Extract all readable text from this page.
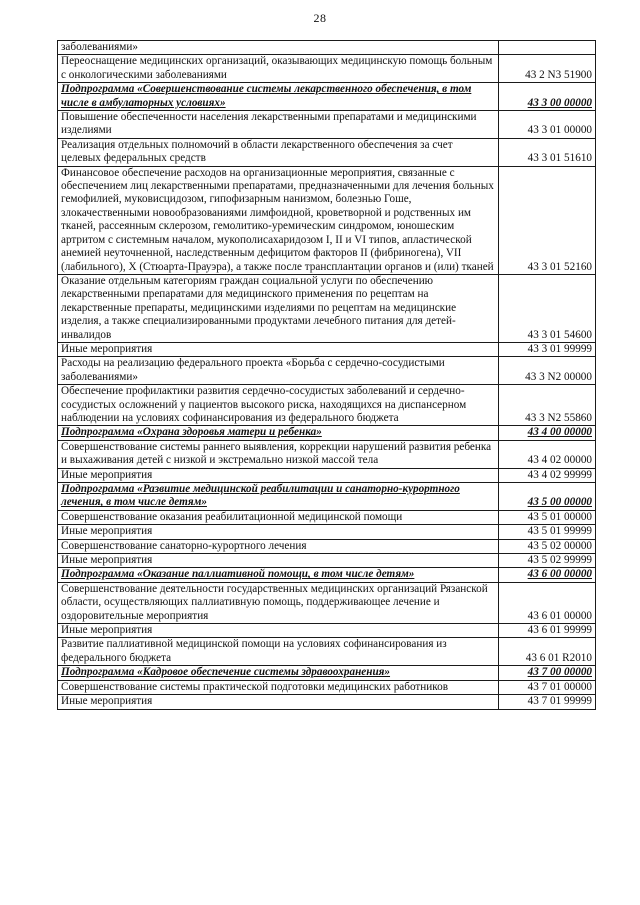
28
заболеваниями»	
Переоснащение медицинских организаций, оказывающих медицинскую помощь больным с онкологическими заболеваниями	43 2 N3 51900
Подпрограмма «Совершенствование системы лекарственного обеспечения, в том числе в амбулаторных условиях»	43 3 00 00000
Повышение обеспеченности населения лекарственными препаратами и медицинскими изделиями	43 3 01 00000
Реализация отдельных полномочий в области лекарственного обеспечения за счет целевых федеральных средств	43 3 01 51610
Финансовое обеспечение расходов на организационные мероприятия, связанные с обеспечением лиц лекарственными препаратами, предназначенными для лечения больных гемофилией, муковисцидозом, гипофизарным нанизмом, болезнью Гоше, злокачественными новообразованиями лимфоидной, кроветворной и родственных им тканей, рассеянным склерозом, гемолитико-уремическим синдромом, юношеским артритом с системным началом, мукополисахаридозом I, II и VI типов, апластической анемией неуточненной, наследственным дефицитом факторов II (фибриногена), VII (лабильного), X (Стюарта-Прауэра), а также после трансплантации органов и (или) тканей	43 3 01 52160
Оказание отдельным категориям граждан социальной услуги по обеспечению лекарственными препаратами для медицинского применения по рецептам на лекарственные препараты, медицинскими изделиями по рецептам на медицинские изделия, а также специализированными продуктами лечебного питания для детей-инвалидов	43 3 01 54600
Иные мероприятия	43 3 01 99999
Расходы на реализацию федерального проекта «Борьба с сердечно-сосудистыми заболеваниями»	43 3 N2 00000
Обеспечение профилактики развития сердечно-сосудистых заболеваний и сердечно-сосудистых осложнений у пациентов высокого риска, находящихся на диспансерном наблюдении на условиях софинансирования из федерального бюджета	43 3 N2 55860
Подпрограмма «Охрана здоровья матери и ребенка»	43 4 00 00000
Совершенствование системы раннего выявления, коррекции нарушений развития ребенка и выхаживания детей с низкой и экстремально низкой массой тела	43 4 02 00000
Иные мероприятия	43 4 02 99999
Подпрограмма «Развитие медицинской реабилитации и санаторно-курортного лечения, в том числе детям»	43 5 00 00000
Совершенствование оказания реабилитационной медицинской помощи	43 5 01 00000
Иные мероприятия	43 5 01 99999
Совершенствование санаторно-курортного лечения	43 5 02 00000
Иные мероприятия	43 5 02 99999
Подпрограмма «Оказание паллиативной помощи, в том числе детям»	43 6 00 00000
Совершенствование деятельности государственных медицинских организаций Рязанской области, осуществляющих паллиативную помощь, поддерживающее лечение и оздоровительные мероприятия	43 6 01 00000
Иные мероприятия	43 6 01 99999
Развитие паллиативной медицинской помощи на условиях софинансирования из федерального бюджета	43 6 01 R2010
Подпрограмма «Кадровое обеспечение системы здравоохранения»	43 7 00 00000
Совершенствование системы практической подготовки медицинских работников	43 7 01 00000
Иные мероприятия	43 7 01 99999
